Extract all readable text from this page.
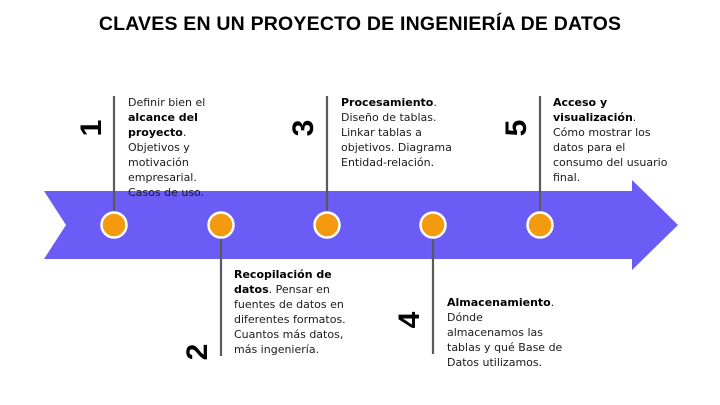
CLAVES EN UN PROYECTO DE INGENIERÍA DE DATOS
1
2
3
4
5
Definir bien el alcance del proyecto. Objetivos y motivación empresarial. Casos de uso.
Recopilación de datos. Pensar en fuentes de datos en diferentes formatos. Cuantos más datos, más ingeniería.
Procesamiento. Diseño de tablas. Linkar tablas a objetivos. Diagrama Entidad-relación.
Almacenamiento. Dónde almacenamos las tablas y qué Base de Datos utilizamos.
Acceso y visualización. Cómo mostrar los datos para el consumo del usuario final.
